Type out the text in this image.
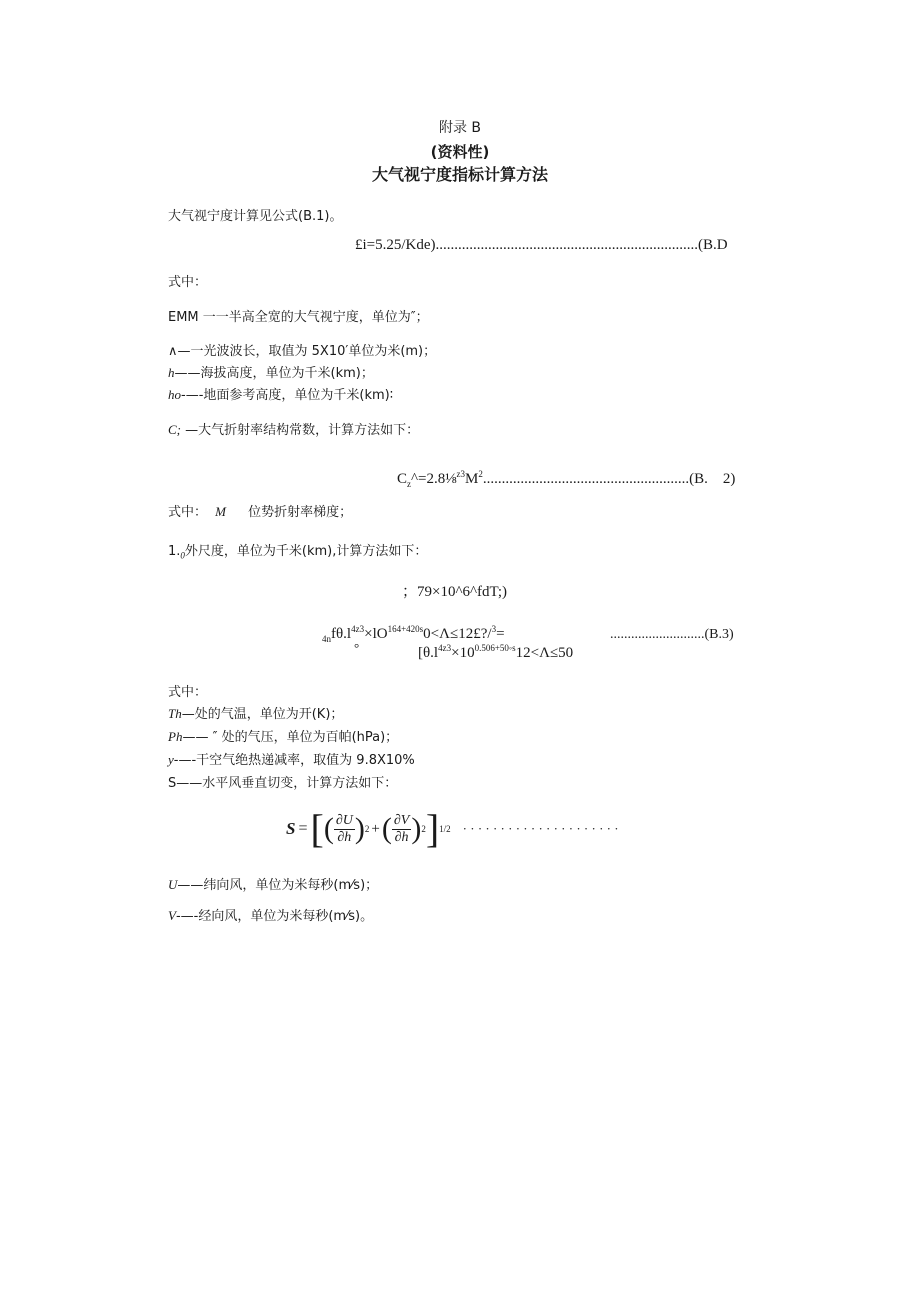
附录 B
(资料性)
大气视宁度指标计算方法
大气视宁度计算见公式(B.1)。
£i=5.25/Kde)......................................................................(B.D
式中：
EMM 一一半高全宽的大气视宁度，单位为″；
∧—一光波波长，取值为 5X10′单位为米(m)；
h——海拔高度，单位为千米(km)；
ho-—-地面参考高度，单位为千米(km)∶
C; —大气折射率结构常数，计算方法如下：
$C_z\^{}=2.8\frac{1}{8}^{z3}M^2.......................................................(B$.　2)
式中： M 位势折射率梯度；
$1._0$外尺度，单位为千米(km),计算方法如下：
；79×10^6^fdT;)
$_{4n}f\theta.l^{4z3}\times lO^{164+420s}0<\Lambda\le 12£?/^3=$
°	[$\theta.l^{4z3}\times 10^{0.506+50◦s}12<\Lambda\le 50$
...........................(B.3)
式中：
Th—处的气温，单位为开(K)；
Ph—— ″ 处的气压，单位为百帕(hPa)；
y-—-干空气绝热递减率，取值为 9.8X10%
S——水平风垂直切变，计算方法如下：
S = [ ( $\frac{\partial U}{\partial h}$ ) 2 + ( $\frac{\partial V}{\partial h}$ ) 2 ] 1/2 · · · · · · · · · · · · · · · · · · · · ·
U——纬向风，单位为米每秒(m⁄s)；
V-—-经向风，单位为米每秒(m⁄s)。
